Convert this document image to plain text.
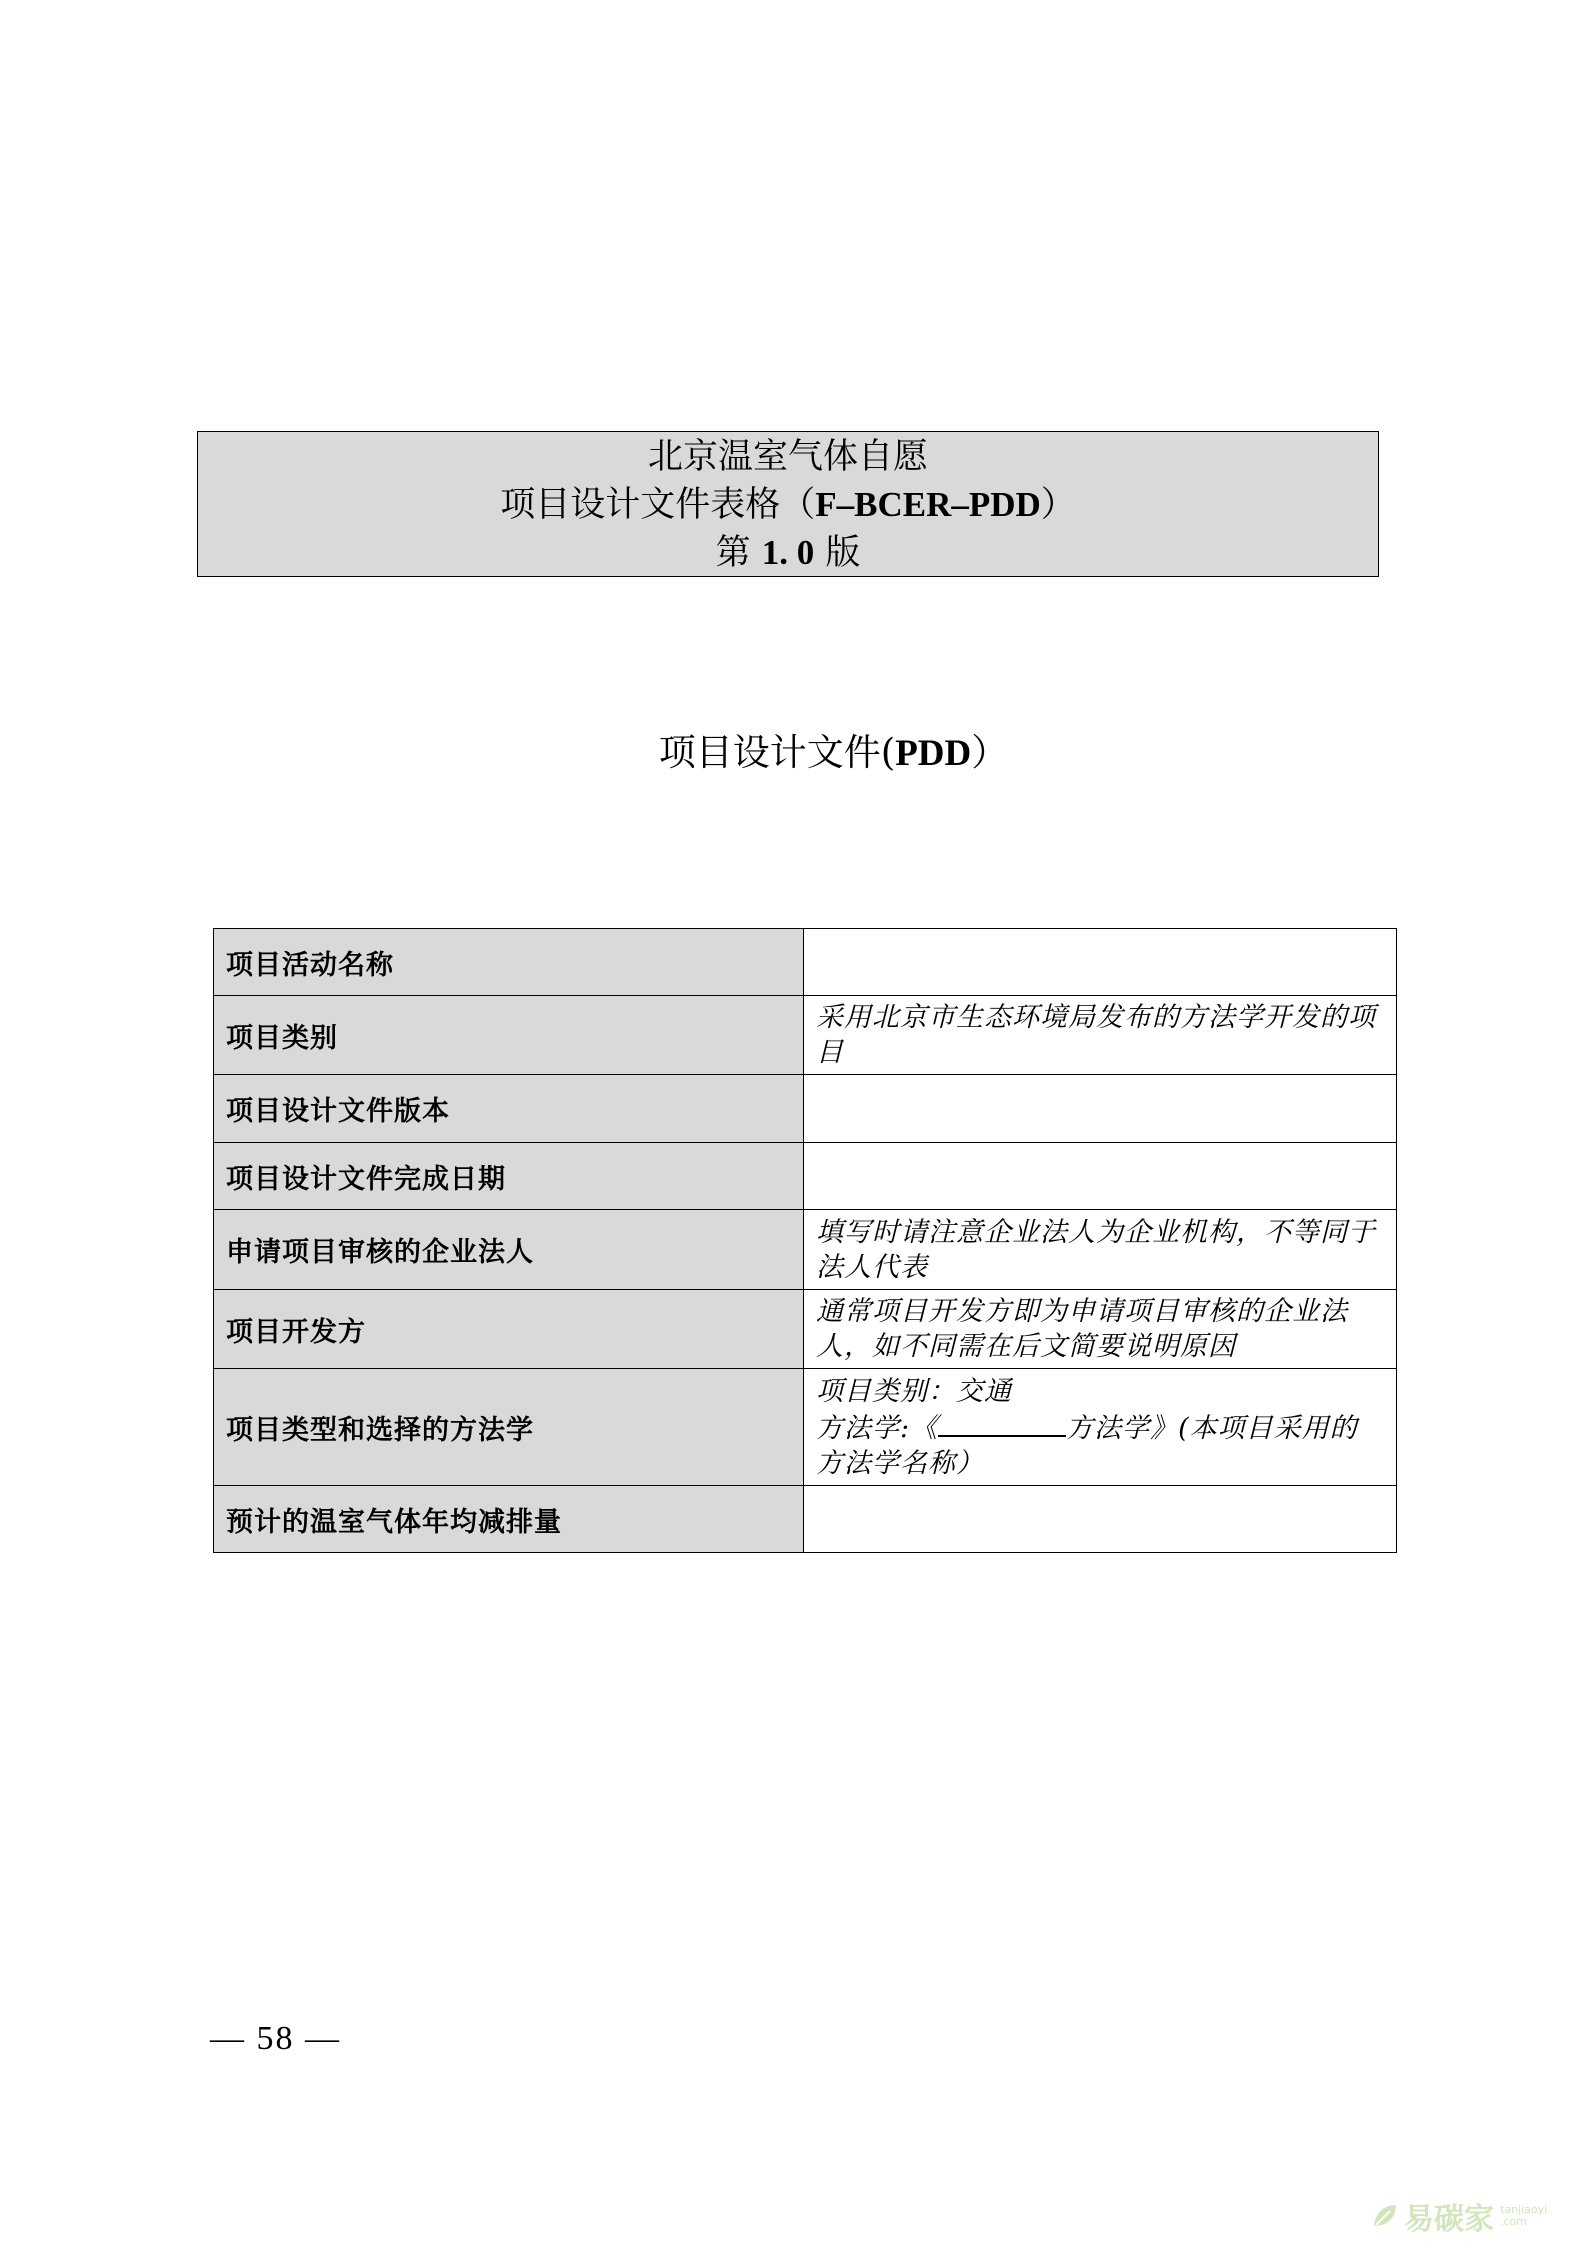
北京温室气体自愿
项目设计文件表格（F–BCER–PDD）
第 1. 0 版
项目设计文件(PDD）
项目活动名称	
项目类别	采用北京市生态环境局发布的方法学开发的项目
项目设计文件版本	
项目设计文件完成日期	
申请项目审核的企业法人	填写时请注意企业法人为企业机构，不等同于法人代表
项目开发方	通常项目开发方即为申请项目审核的企业法人，如不同需在后文简要说明原因
项目类型和选择的方法学	项目类别：交通
方法学:《 方法学》(本项目采用的方法学名称）

预计的温室气体年均减排量	
— 58 —
易碳家 tanjiaoyi
.com
